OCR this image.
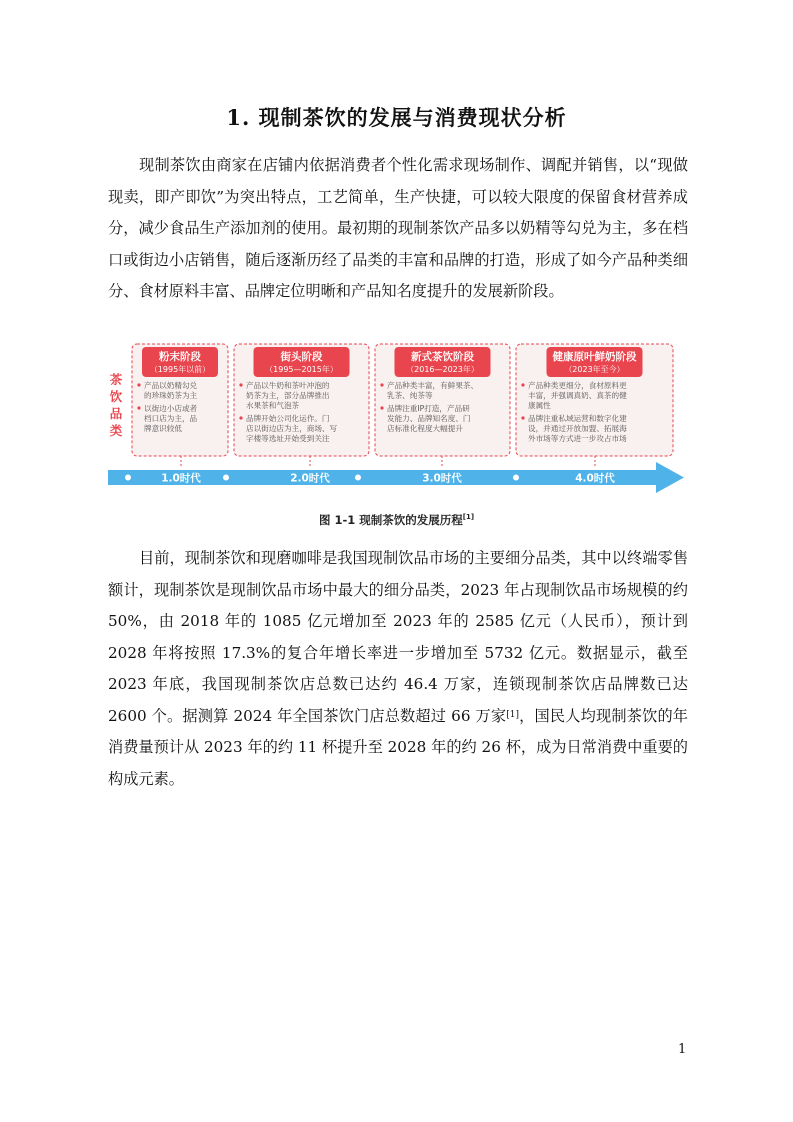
1. 现制茶饮的发展与消费现状分析

现制茶饮由商家在店铺内依据消费者个性化需求现场制作、调配并销售，以“现做现卖，即产即饮”为突出特点，工艺简单，生产快捷，可以较大限度的保留食材营养成分，减少食品生产添加剂的使用。最初期的现制茶饮产品多以奶精等勾兑为主，多在档口或街边小店销售，随后逐渐历经了品类的丰富和品牌的打造，形成了如今产品种类细分、食材原料丰富、品牌定位明晰和产品知名度提升的发展新阶段。

茶
饮
品
类
粉末阶段
（1995年以前）
产品以奶精勾兑
的珍珠奶茶为主
以街边小店或者
档口店为主，品
牌意识较低
街头阶段
（1995—2015年）
产品以牛奶和茶叶冲泡的
奶茶为主，部分品牌推出
水果茶和气泡茶
品牌开始公司化运作。门
店以街边店为主，商场、写
字楼等选址开始受到关注
新式茶饮阶段
（2016—2023年）
产品种类丰富，有鲜果茶、
乳茶、纯茶等
品牌注重IP打造，产品研
发能力、品牌知名度、门
店标准化程度大幅提升
健康原叶鲜奶阶段
（2023年至今）
产品种类更细分，食材原料更
丰富，并强调真奶、真茶的健
康属性
品牌注重私域运营和数字化建
设，并通过开放加盟、拓展海
外市场等方式进一步攻占市场
1.0时代	2.0时代	3.0时代	4.0时代
图 1-1 现制茶饮的发展历程[1]

目前，现制茶饮和现磨咖啡是我国现制饮品市场的主要细分品类，其中以终端零售额计，现制茶饮是现制饮品市场中最大的细分品类，2023 年占现制饮品市场规模的约 50%，由 2018 年的 1085 亿元增加至 2023 年的 2585 亿元（人民币），预计到 2028 年将按照 17.3%的复合年增长率进一步增加至 5732 亿元。数据显示，截至 2023 年底，我国现制茶饮店总数已达约 46.4 万家，连锁现制茶饮店品牌数已达 2600 个。据测算 2024 年全国茶饮门店总数超过 66 万家[1]，国民人均现制茶饮的年消费量预计从 2023 年的约 11 杯提升至 2028 年的约 26 杯，成为日常消费中重要的构成元素。

1
